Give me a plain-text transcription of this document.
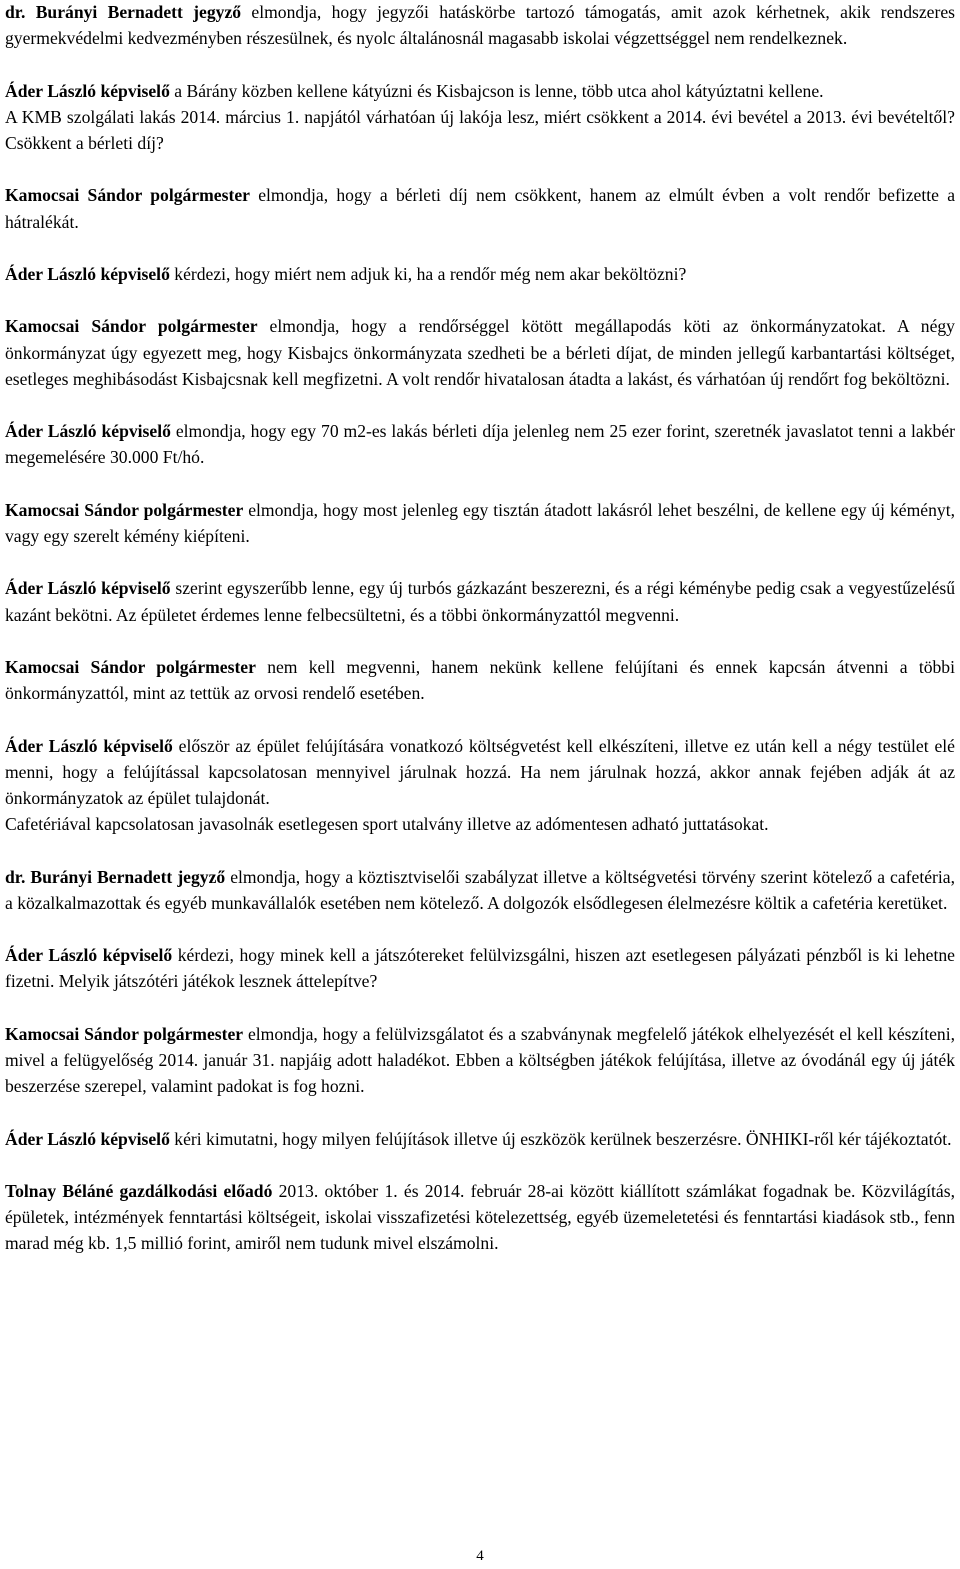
dr. Burányi Bernadett jegyző elmondja, hogy jegyzői hatáskörbe tartozó támogatás, amit azok kérhetnek, akik rendszeres gyermekvédelmi kedvezményben részesülnek, és nyolc általánosnál magasabb iskolai végzettséggel nem rendelkeznek.

Áder László képviselő a Bárány közben kellene kátyúzni és Kisbajcson is lenne, több utca ahol kátyúztatni kellene.

A KMB szolgálati lakás 2014. március 1. napjától várhatóan új lakója lesz, miért csökkent a 2014. évi bevétel a 2013. évi bevételtől? Csökkent a bérleti díj?

Kamocsai Sándor polgármester elmondja, hogy a bérleti díj nem csökkent, hanem az elmúlt évben a volt rendőr befizette a hátralékát.

Áder László képviselő kérdezi, hogy miért nem adjuk ki, ha a rendőr még nem akar beköltözni?

Kamocsai Sándor polgármester elmondja, hogy a rendőrséggel kötött megállapodás köti az önkormányzatokat. A négy önkormányzat úgy egyezett meg, hogy Kisbajcs önkormányzata szedheti be a bérleti díjat, de minden jellegű karbantartási költséget, esetleges meghibásodást Kisbajcsnak kell megfizetni. A volt rendőr hivatalosan átadta a lakást, és várhatóan új rendőrt fog beköltözni.

Áder László képviselő elmondja, hogy egy 70 m2-es lakás bérleti díja jelenleg nem 25 ezer forint, szeretnék javaslatot tenni a lakbér megemelésére 30.000 Ft/hó.

Kamocsai Sándor polgármester elmondja, hogy most jelenleg egy tisztán átadott lakásról lehet beszélni, de kellene egy új kéményt, vagy egy szerelt kémény kiépíteni.

Áder László képviselő szerint egyszerűbb lenne, egy új turbós gázkazánt beszerezni, és a régi kéménybe pedig csak a vegyestűzelésű kazánt bekötni. Az épületet érdemes lenne felbecsültetni, és a többi önkormányzattól megvenni.

Kamocsai Sándor polgármester nem kell megvenni, hanem nekünk kellene felújítani és ennek kapcsán átvenni a többi önkormányzattól, mint az tettük az orvosi rendelő esetében.

Áder László képviselő először az épület felújítására vonatkozó költségvetést kell elkészíteni, illetve ez után kell a négy testület elé menni, hogy a felújítással kapcsolatosan mennyivel járulnak hozzá. Ha nem járulnak hozzá, akkor annak fejében adják át az önkormányzatok az épület tulajdonát.

Cafetériával kapcsolatosan javasolnák esetlegesen sport utalvány illetve az adómentesen adható juttatásokat.

dr. Burányi Bernadett jegyző elmondja, hogy a köztisztviselői szabályzat illetve a költségvetési törvény szerint kötelező a cafetéria, a közalkalmazottak és egyéb munkavállalók esetében nem kötelező. A dolgozók elsődlegesen élelmezésre költik a cafetéria keretüket.

Áder László képviselő kérdezi, hogy minek kell a játszótereket felülvizsgálni, hiszen azt esetlegesen pályázati pénzből is ki lehetne fizetni. Melyik játszótéri játékok lesznek áttelepítve?

Kamocsai Sándor polgármester elmondja, hogy a felülvizsgálatot és a szabványnak megfelelő játékok elhelyezését el kell készíteni, mivel a felügyelőség 2014. január 31. napjáig adott haladékot. Ebben a költségben játékok felújítása, illetve az óvodánál egy új játék beszerzése szerepel, valamint padokat is fog hozni.

Áder László képviselő kéri kimutatni, hogy milyen felújítások illetve új eszközök kerülnek beszerzésre. ÖNHIKI-ről kér tájékoztatót.

Tolnay Béláné gazdálkodási előadó 2013. október 1. és 2014. február 28-ai között kiállított számlákat fogadnak be. Közvilágítás, épületek, intézmények fenntartási költségeit, iskolai visszafizetési kötelezettség, egyéb üzemeletetési és fenntartási kiadások stb., fenn marad még kb. 1,5 millió forint, amiről nem tudunk mivel elszámolni.

4
